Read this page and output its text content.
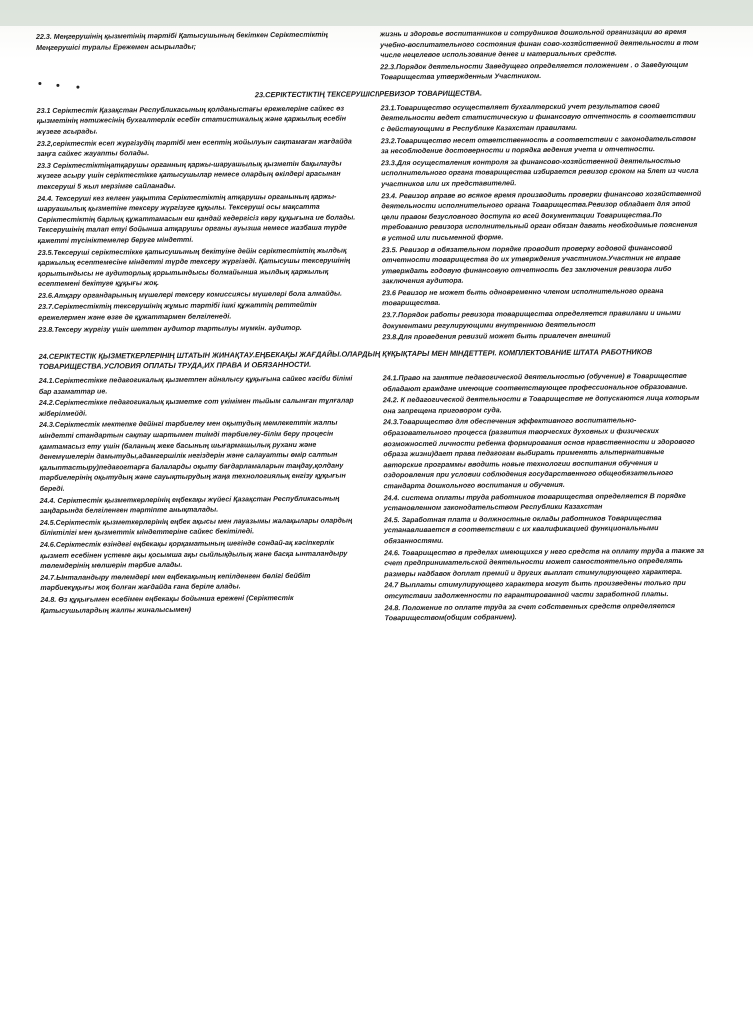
22.3. Меңгерушінің қызметінің тәртібі Қатысушының бекіткен Серіктестіктің Меңгерушісі туралы Ережемен асырылады;

жизнь и здоровье воспитанников и сотрудников дошкольной организации во время учебно-воспитательного состояния финан сово-хозяйственной деятельности в том числе нецелевое использование денег и материальных средств.

22.3.Порядок деятельности Заведущего определяется положением . о Заведующим Товарищества утвержденным Участником.

23.СЕРІКТЕСТІКТІҢ ТЕКСЕРУШІСІ\РЕВИЗОР ТОВАРИЩЕСТВА.

23.1 Серіктестік Қазақстан Республикасының қолданыстағы ережелеріне сайкес өз қызметінің нәтижесінің бухгалтерлік есебін статистикалық және қаржылық есебін жүзеге асырады.

23.2,серіктестік есеп жүргізудің тәртібі мен есептің жойылуын сақтамаған жағдайда заңға сайкес жауапты болады.

23.3 Серіктестіктіңатқарушы органның қаржы-шаруашылық қызметін бақылауды жүзеге асыру үшін серіктестікке қатысушылар немесе олардың өкілдері арасынан тексеруші 5 жыл мерзімге сайланады.

24.4. Тексеруші кез келген уақытта Серіктестіктің атқарушы органының қаржы-шаруашылық қызметіне тексеру жүргізуге құқылы. Тексеруші осы мақсатта Серіктестіктің барлық құжаттамасын еш қандай кедергісіз көру құқығына ие болады. Тексерушінің талап етуі бойынша атқарушы органы ауызша немесе жазбаша түрде қажетті түсініктемелер беруге міндетті.

23.5.Тексеруші серіктестікке қатысушының бекітуіне дейін серіктестіктің жылдық қаржылық есептемесіне міндетті түрде тексеру жүргізеді. Қатысушы тексерушінің қорытындысы не аудиторлық қорытындысы болмайынша жылдық қаржылық есептемені бекітуге құқығы жоқ.

23.6.Атқару органдарының мүшелері тексеру комиссиясы мүшелері бола алмайды.

23.7.Серіктестіктің тексерушінің жұмыс тәртібі ішкі құжаттің реттейтін ережелермен және өзге де құжаттармен белгіленеді.

23.8.Тексеру жүргізу үшін шеттен аудитор тартылуы мүмкін. аудитор.

23.1.Товарищество осуществляет бухгалтерский учет результатов своей деятельности ведет статистическую и финансовую отчетность в соответствии с действующими в Республике Казахстан правилами.

23.2.Товарищество несет ответственность в соответствии с законодательством за несоблюдение достоверности и порядка ведения учета и отчетности.

23.3.Для осуществления контроля за финансово-хозяйственной деятельностью исполнительного органа товарищества избирается ревизор сроком на 5лет из числа участников или их представителей.

23.4. Ревизор вправе во всякое время производить проверки финансово хозяйственной деятельности исполнительного органа Товарищества.Ревизор обладает для этой цели правом безусловного доступа ко всей документации Товарищества.По требованию ревизора исполнительный орган обязан давать необходимые пояснения в устной или письменной форме.

23.5. Ревизор в обязательном порядке проводит проверку годовой финансовой отчетности товарищества до их утверждения участником.Участник не вправе утверждать годовую финансовую отчетность без заключения ревизора либо заключения аудитора.

23.6 Ревизор не может быть одновременно членом исполнительного органа товарищества.

23.7.Порядок работы ревизора товарищества определяется правилами и иными документами регулирующими внутреннюю деятельност

23.8.Для проведения ревизий может быть привлечен внешний

24.СЕРІКТЕСТІК ҚЫЗМЕТКЕРЛЕРІНІҢ ШТАТЫН ЖИНАҚТАУ.ЕҢБЕКАҚЫ ЖАҒДАЙЫ.ОЛАРДЫҢ ҚҰҚЫҚТАРЫ МЕН МІНДЕТТЕРІ. КОМПЛЕКТОВАНИЕ ШТАТА РАБОТНИКОВ ТОВАРИЩЕСТВА.УСЛОВИЯ ОПЛАТЫ ТРУДА,ИХ ПРАВА И ОБЯЗАННОСТИ.

24.1.Серіктестікке педагогикалық қызметпен айналысу құқығына сайкес кәсіби білімі бар азаматтар ие.

24.2.Серіктестікке педагогикалық қызметке сот үкімімен тыйым салынған тұлғалар жіберілмейді.

24.3.Серіктестік мектепке дейінгі тәрбиелеу мен оқытудың мемлекеттік жалпы міндетті стандартын сақтау шартымен тиімді тәрбиелеу-білім беру процесін қамтамасыз ету үшін (баланың жеке басының шығармашылық рухани және денемүшелерін дамытуды,адамгершілік негіздерін және салауатты өмір салтын қалыптастыру)педагогтарға балаларды оқыту бағдарламаларын таңдау,қолдану тәрбиелерінің оқытудың және сауықтырудың жаңа технологиялық енгізу құқығын береді.

24.4. Серіктестік қызметкерлерінің еңбекақы жүйесі Қазақстан Республикасының заңдарында белгіленген тәртіпте анықталады.

24.5.Серіктестік қызметкерлерінің еңбек ақысы мен лауазымы жалақылары олардың біліктілігі мен қызметтік міндеттеріне сайкес бекітіледі.

24.6.Серіктестік өзіндегі еңбекақы қорқаматының шегінде сондай-ақ кәсіпкерлік қызмет есебінен үстеме ақы қосымша ақы сыйлықдылық және басқа ынталандыру төлемдерінің мөлшерін тәрбие алады.

24.7.Ынталандыру төлемдері мен еңбекақының кепілденген бөлігі бейбіт тәрбиекұқығы жоқ болған жағдайда ғана беріле алады.

24.8. Өз құқығымен есебімен еңбекақы бойынша ережені (Серіктестік Қатысушылардың жалпы жиналысымен)

24.1.Право на занятие педагогической деятельностью (обучение) в Товариществе обладают граждане имеющие соответствующее профессиональное образование.

24.2. К педагогической деятельности в Товариществе не допускаются лица которым она запрещена приговором суда.

24.3.Товарищество для обеспечения эффективного воспитательно-образовательного процесса (развития творческих духовных и физических возможностей личности ребенка формирования основ нравственности и здорового образа жизни)дает права педагогам выбирать применять альтернативные авторские программы вводить новые технологии воспитания обучения и оздоровления при условии соблюдения государственного общеобязательного стандарта дошкольного воспитания и обучения.

24.4. система оплаты труда работников товарищества определяется В порядке установленном законодательством Республики Казахстан

24.5. Заработная плата и должностные оклады работников Товарищества устанавливается в соответствии с их квалификацией функциональными обязанностями.

24.6. Товарищество в пределах имеющихся у него средств на оплату труда а также за счет предпринимательской деятельности может самостоятельно определять размеры надбавок доплат премий и других выплат стимулирующего характера.

24.7 Выплаты стимулирующего характера могут быть произведены только при отсутствии задолженности по гарантированной части заработной платы.

24.8. Положение по оплате труда за счет собственных средств определяется Товариществом(общим собранием).
